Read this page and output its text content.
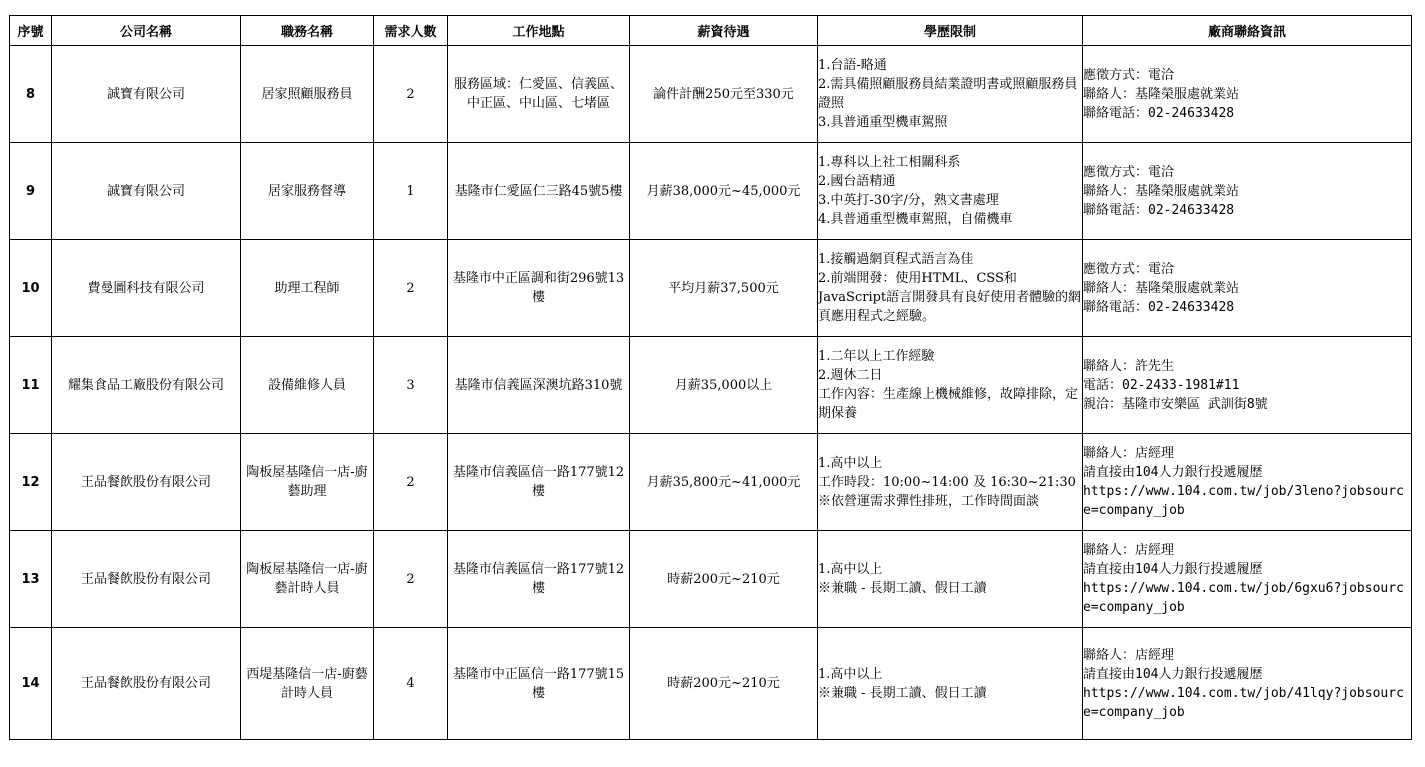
序號	公司名稱	職務名稱	需求人數	工作地點	薪資待遇	學歷限制	廠商聯絡資訊
8	誠寶有限公司	居家照顧服務員	2	服務區域：仁愛區、信義區、中正區、中山區、七堵區	論件計酬250元至330元	1.台語-略通
2.需具備照顧服務員結業證明書或照顧服務員證照
3.具普通重型機車駕照	應徵方式：電洽
聯絡人：基隆榮服處就業站
聯絡電話：02-24633428

9	誠寶有限公司	居家服務督導	1	基隆市仁愛區仁三路45號5樓	月薪38,000元~45,000元	1.專科以上社工相關科系
2.國台語精通
3.中英打-30字/分，熟文書處理
4.具普通重型機車駕照，自備機車	應徵方式：電洽
聯絡人：基隆榮服處就業站
聯絡電話：02-24633428

10	費曼圖科技有限公司	助理工程師	2	基隆市中正區調和街296號13樓	平均月薪37,500元	1.接觸過網頁程式語言為佳
2.前端開發：使用HTML、CSS和JavaScript語言開發具有良好使用者體驗的網頁應用程式之經驗。	應徵方式：電洽
聯絡人：基隆榮服處就業站
聯絡電話：02-24633428

11	耀集食品工廠股份有限公司	設備維修人員	3	基隆市信義區深澳坑路310號	月薪35,000以上	1.二年以上工作經驗
2.週休二日
工作內容：生產線上機械維修，故障排除，定期保養	聯絡人：許先生
電話：02-2433-1981#11
親洽：基隆市安樂區 武訓街8號

12	王品餐飲股份有限公司	陶板屋基隆信一店-廚藝助理	2	基隆市信義區信一路177號12樓	月薪35,800元~41,000元	1.高中以上
工作時段：10:00~14:00 及 16:30~21:30
※依營運需求彈性排班，工作時間面談	聯絡人：店經理
請直接由104人力銀行投遞履歷
https://www.104.com.tw/job/3leno?jobsource=company_job

13	王品餐飲股份有限公司	陶板屋基隆信一店-廚藝計時人員	2	基隆市信義區信一路177號12樓	時薪200元~210元	1.高中以上
※兼職 - 長期工讀、假日工讀	聯絡人：店經理
請直接由104人力銀行投遞履歷
https://www.104.com.tw/job/6gxu6?jobsource=company_job

14	王品餐飲股份有限公司	西堤基隆信一店-廚藝計時人員	4	基隆市中正區信一路177號15樓	時薪200元~210元	1.高中以上
※兼職 - 長期工讀、假日工讀	聯絡人：店經理
請直接由104人力銀行投遞履歷
https://www.104.com.tw/job/41lqy?jobsource=company_job
